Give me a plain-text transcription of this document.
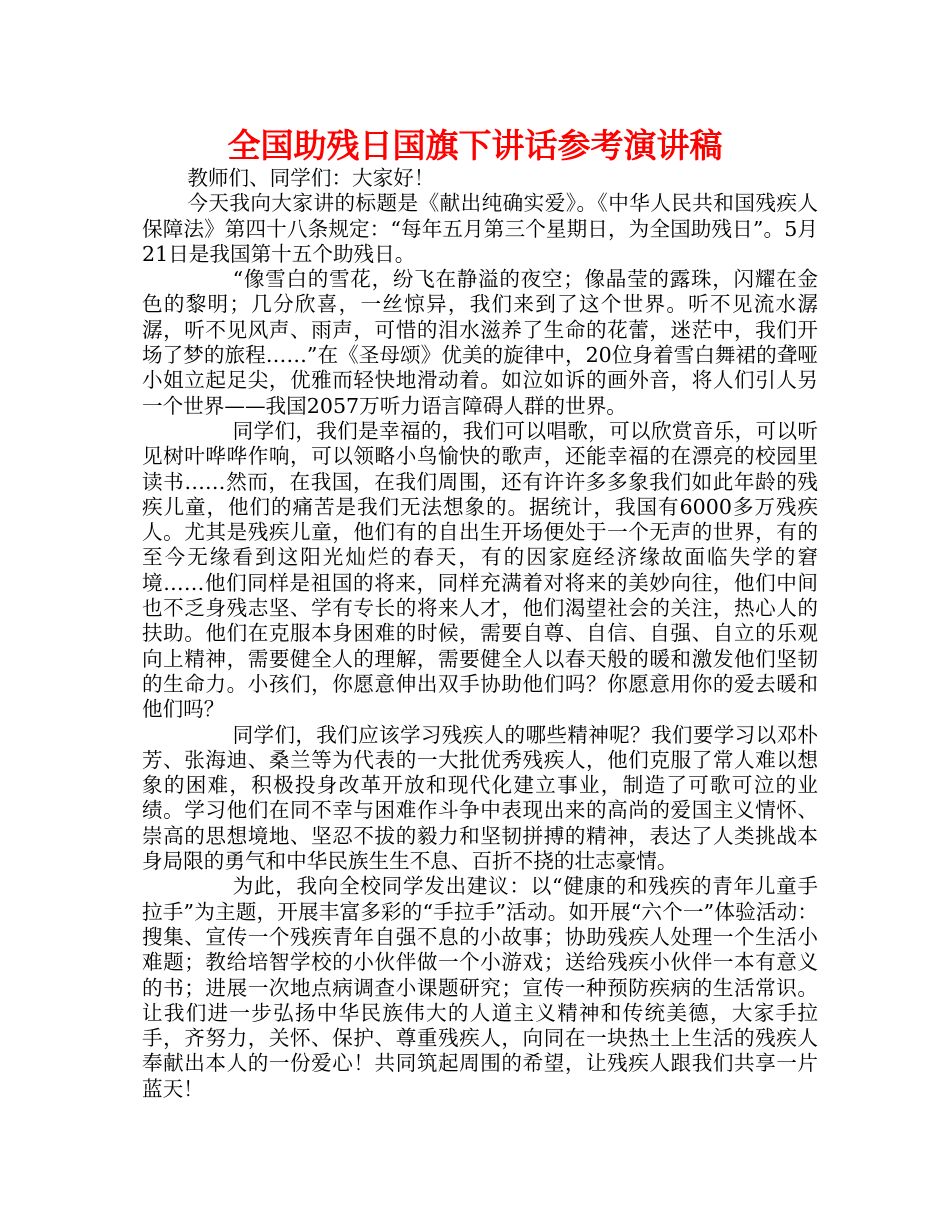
全国助残日国旗下讲话参考演讲稿

教师们、同学们：大家好！

今天我向大家讲的标题是《献出纯确实爱》。《中华人民共和国残疾人保障法》第四十八条规定：“每年五月第三个星期日，为全国助残日”。5月21日是我国第十五个助残日。

“像雪白的雪花，纷飞在静溢的夜空；像晶莹的露珠，闪耀在金色的黎明；几分欣喜，一丝惊异，我们来到了这个世界。听不见流水潺潺，听不见风声、雨声，可惜的泪水滋养了生命的花蕾，迷茫中，我们开场了梦的旅程……”在《圣母颂》优美的旋律中，20位身着雪白舞裙的聋哑小姐立起足尖，优雅而轻快地滑动着。如泣如诉的画外音，将人们引人另一个世界——我国2057万听力语言障碍人群的世界。

同学们，我们是幸福的，我们可以唱歌，可以欣赏音乐，可以听见树叶哗哗作响，可以领略小鸟愉快的歌声，还能幸福的在漂亮的校园里读书……然而，在我国，在我们周围，还有许许多多象我们如此年龄的残疾儿童，他们的痛苦是我们无法想象的。据统计，我国有6000多万残疾人。尤其是残疾儿童，他们有的自出生开场便处于一个无声的世界，有的至今无缘看到这阳光灿烂的春天，有的因家庭经济缘故面临失学的窘境……他们同样是祖国的将来，同样充满着对将来的美妙向往，他们中间也不乏身残志坚、学有专长的将来人才，他们渴望社会的关注，热心人的扶助。他们在克服本身困难的时候，需要自尊、自信、自强、自立的乐观向上精神，需要健全人的理解，需要健全人以春天般的暖和激发他们坚韧的生命力。小孩们，你愿意伸出双手协助他们吗？你愿意用你的爱去暖和他们吗？

同学们，我们应该学习残疾人的哪些精神呢？我们要学习以邓朴芳、张海迪、桑兰等为代表的一大批优秀残疾人，他们克服了常人难以想象的困难，积极投身改革开放和现代化建立事业，制造了可歌可泣的业绩。学习他们在同不幸与困难作斗争中表现出来的高尚的爱国主义情怀、崇高的思想境地、坚忍不拔的毅力和坚韧拼搏的精神，表达了人类挑战本身局限的勇气和中华民族生生不息、百折不挠的壮志豪情。

为此，我向全校同学发出建议：以“健康的和残疾的青年儿童手拉手”为主题，开展丰富多彩的“手拉手”活动。如开展“六个一”体验活动：搜集、宣传一个残疾青年自强不息的小故事；协助残疾人处理一个生活小难题；教给培智学校的小伙伴做一个小游戏；送给残疾小伙伴一本有意义的书；进展一次地点病调查小课题研究；宣传一种预防疾病的生活常识。让我们进一步弘扬中华民族伟大的人道主义精神和传统美德，大家手拉手，齐努力，关怀、保护、尊重残疾人，向同在一块热土上生活的残疾人奉献出本人的一份爱心！共同筑起周围的希望，让残疾人跟我们共享一片蓝天！
